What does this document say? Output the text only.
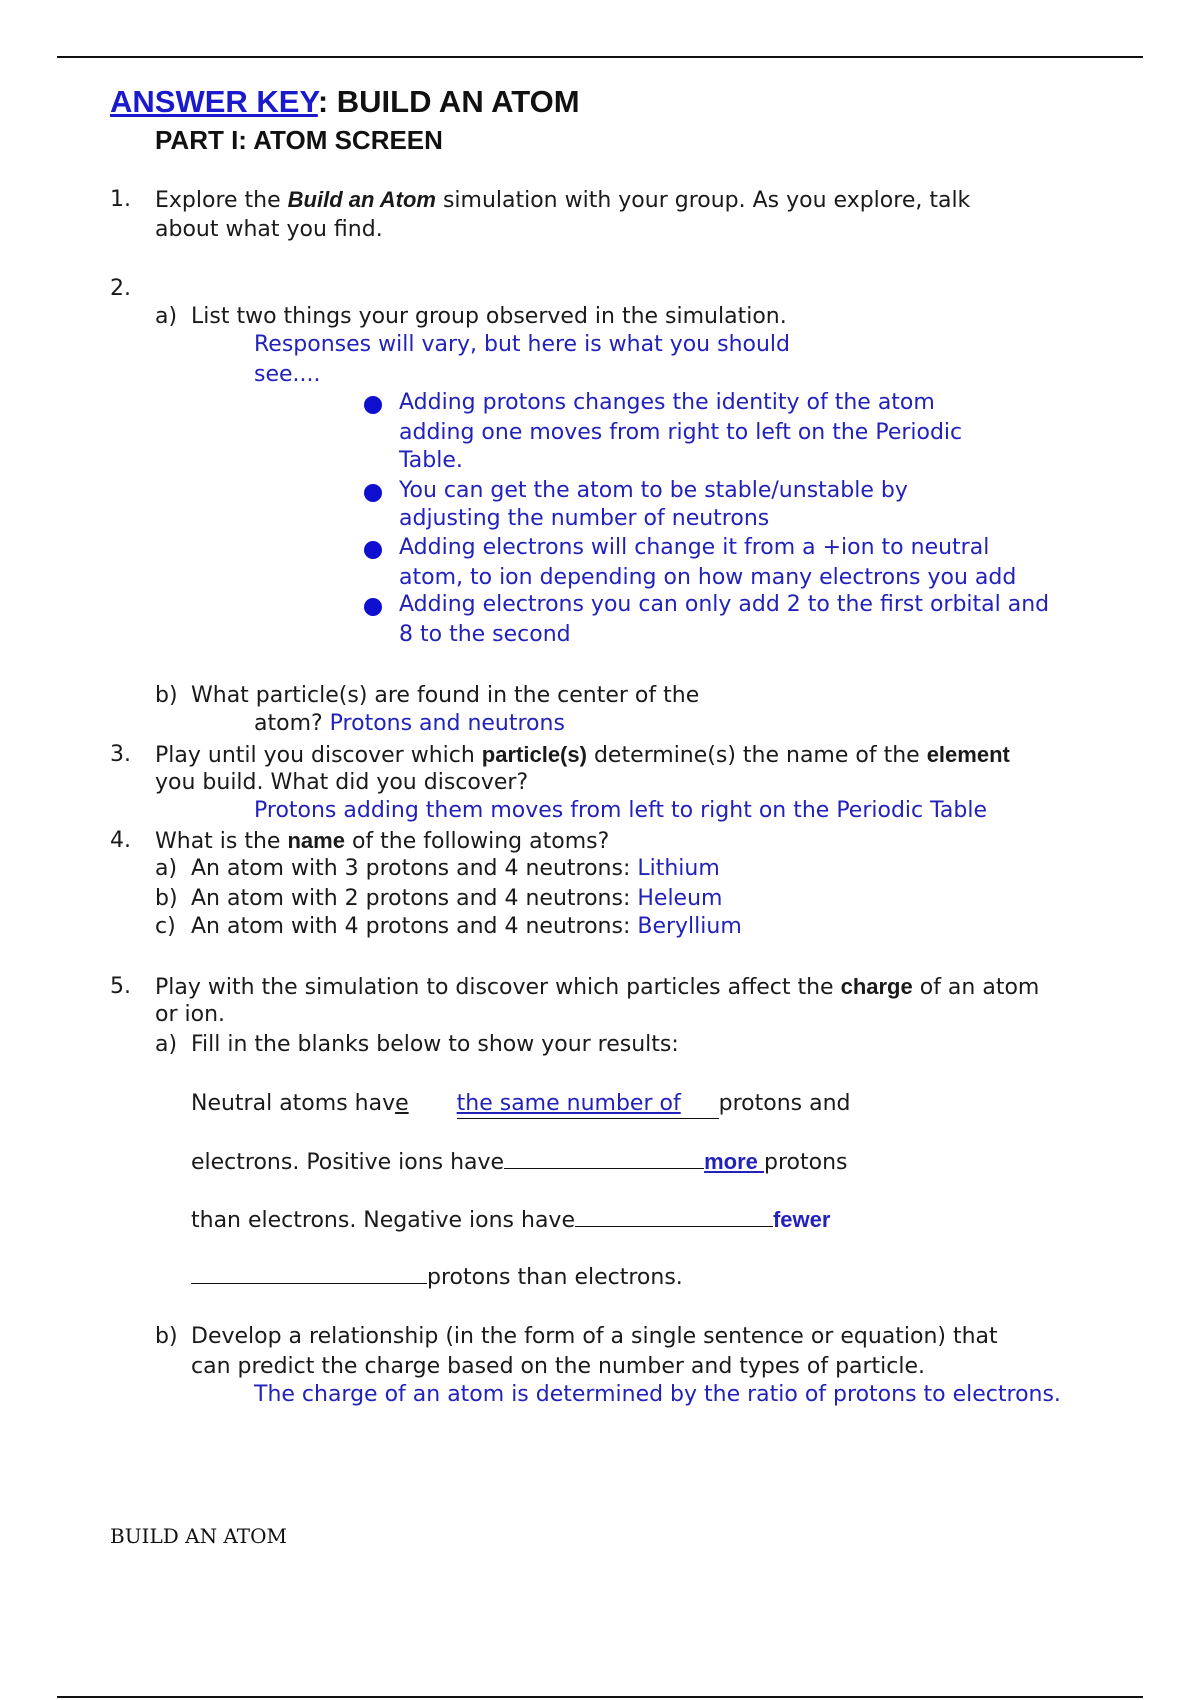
ANSWER KEY: BUILD AN ATOM
PART I: ATOM SCREEN
1. Explore the Build an Atom simulation with your group. As you explore, talk
about what you find.
2.
a) List two things your group observed in the simulation.
Responses will vary, but here is what you should
see....
Adding protons changes the identity of the atom
adding one moves from right to left on the Periodic
Table.
You can get the atom to be stable/unstable by
adjusting the number of neutrons
Adding electrons will change it from a +ion to neutral
atom, to ion depending on how many electrons you add
Adding electrons you can only add 2 to the first orbital and
8 to the second
b) What particle(s) are found in the center of the
atom? Protons and neutrons
3. Play until you discover which particle(s) determine(s) the name of the element
you build. What did you discover?
Protons adding them moves from left to right on the Periodic Table
4. What is the name of the following atoms?
a) An atom with 3 protons and 4 neutrons: Lithium
b) An atom with 2 protons and 4 neutrons: Heleum
c) An atom with 4 protons and 4 neutrons: Beryllium
5. Play with the simulation to discover which particles affect the charge of an atom
or ion.
a) Fill in the blanks below to show your results:
Neutral atoms have the same number ofprotons and
electrons. Positive ions have	more protons
than electrons. Negative ions have	fewer
protons than electrons.
b) Develop a relationship (in the form of a single sentence or equation) that
can predict the charge based on the number and types of particle.
The charge of an atom is determined by the ratio of protons to electrons.
BUILD AN ATOM
